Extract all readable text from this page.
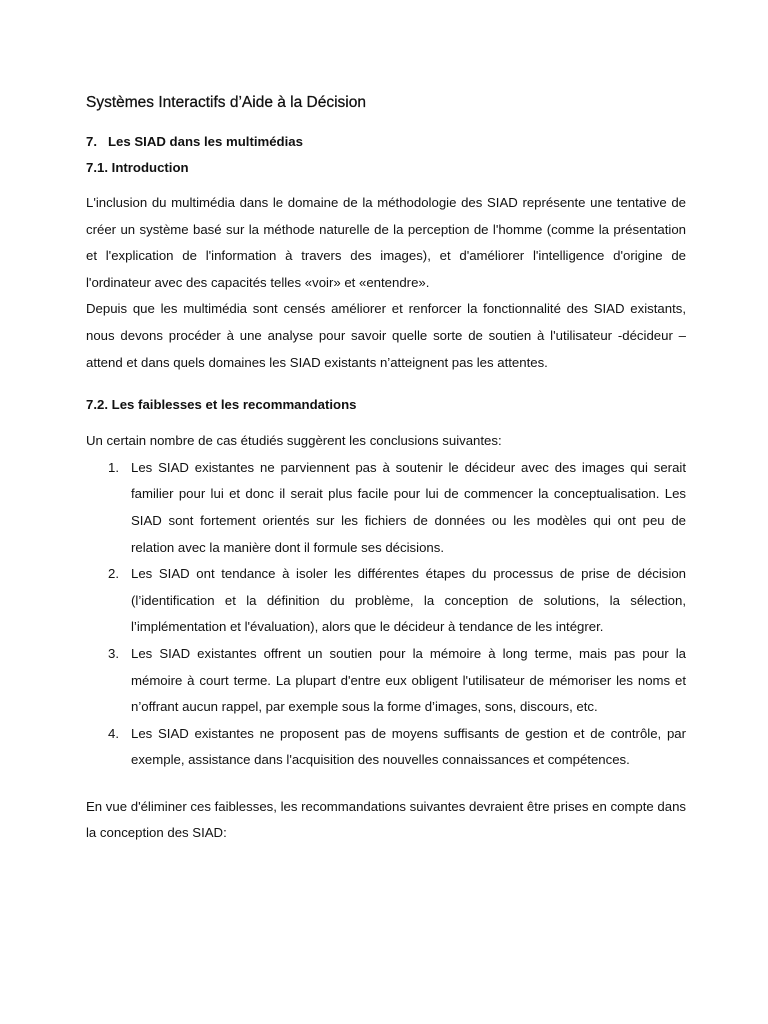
Systèmes Interactifs d’Aide à la Décision
7. Les SIAD dans les multimédias
7.1. Introduction

L'inclusion du multimédia dans le domaine de la méthodologie des SIAD représente une tentative de créer un système basé sur la méthode naturelle de la perception de l'homme (comme la présentation et l'explication de l'information à travers des images), et d'améliorer l'intelligence d'origine de l'ordinateur avec des capacités telles «voir» et «entendre».

Depuis que les multimédia sont censés améliorer et renforcer la fonctionnalité des SIAD existants, nous devons procéder à une analyse pour savoir quelle sorte de soutien à l'utilisateur -décideur – attend et dans quels domaines les SIAD existants n’atteignent pas les attentes.

7.2. Les faiblesses et les recommandations

Un certain nombre de cas étudiés suggèrent les conclusions suivantes:

1. Les SIAD existantes ne parviennent pas à soutenir le décideur avec des images qui serait familier pour lui et donc il serait plus facile pour lui de commencer la conceptualisation. Les SIAD sont fortement orientés sur les fichiers de données ou les modèles qui ont peu de relation avec la manière dont il formule ses décisions.
2. Les SIAD ont tendance à isoler les différentes étapes du processus de prise de décision (l’identification et la définition du problème, la conception de solutions, la sélection, l’implémentation et l'évaluation), alors que le décideur à tendance de les intégrer.
3. Les SIAD existantes offrent un soutien pour la mémoire à long terme, mais pas pour la mémoire à court terme. La plupart d'entre eux obligent l'utilisateur de mémoriser les noms et n’offrant aucun rappel, par exemple sous la forme d’images, sons, discours, etc.
4. Les SIAD existantes ne proposent pas de moyens suffisants de gestion et de contrôle, par exemple, assistance dans l'acquisition des nouvelles connaissances et compétences.

En vue d'éliminer ces faiblesses, les recommandations suivantes devraient être prises en compte dans la conception des SIAD:
